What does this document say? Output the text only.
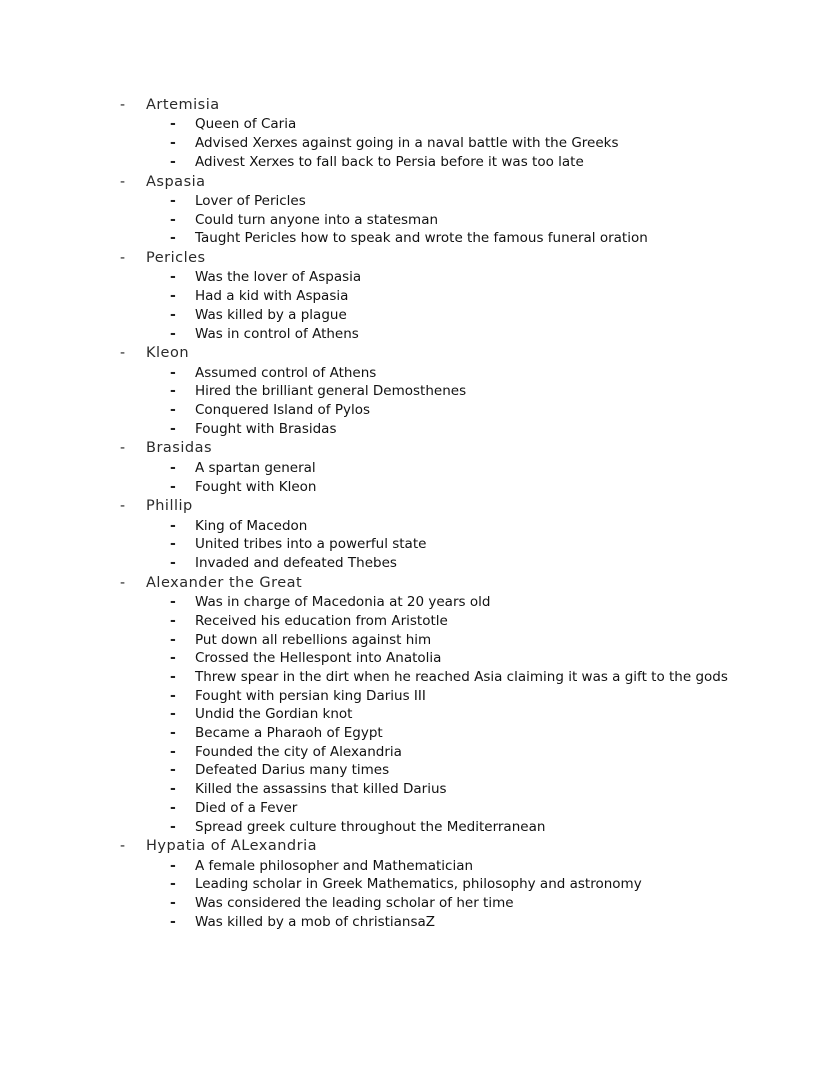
- Artemisia
- Queen of Caria
- Advised Xerxes against going in a naval battle with the Greeks
- Adivest Xerxes to fall back to Persia before it was too late
- Aspasia
- Lover of Pericles
- Could turn anyone into a statesman
- Taught Pericles how to speak and wrote the famous funeral oration
- Pericles
- Was the lover of Aspasia
- Had a kid with Aspasia
- Was killed by a plague
- Was in control of Athens
- Kleon
- Assumed control of Athens
- Hired the brilliant general Demosthenes
- Conquered Island of Pylos
- Fought with Brasidas
- Brasidas
- A spartan general
- Fought with Kleon
- Phillip
- King of Macedon
- United tribes into a powerful state
- Invaded and defeated Thebes
- Alexander the Great
- Was in charge of Macedonia at 20 years old
- Received his education from Aristotle
- Put down all rebellions against him
- Crossed the Hellespont into Anatolia
- Threw spear in the dirt when he reached Asia claiming it was a gift to the gods
- Fought with persian king Darius III
- Undid the Gordian knot
- Became a Pharaoh of Egypt
- Founded the city of Alexandria
- Defeated Darius many times
- Killed the assassins that killed Darius
- Died of a Fever
- Spread greek culture throughout the Mediterranean
- Hypatia of ALexandria
- A female philosopher and Mathematician
- Leading scholar in Greek Mathematics, philosophy and astronomy
- Was considered the leading scholar of her time
- Was killed by a mob of christiansaZ
